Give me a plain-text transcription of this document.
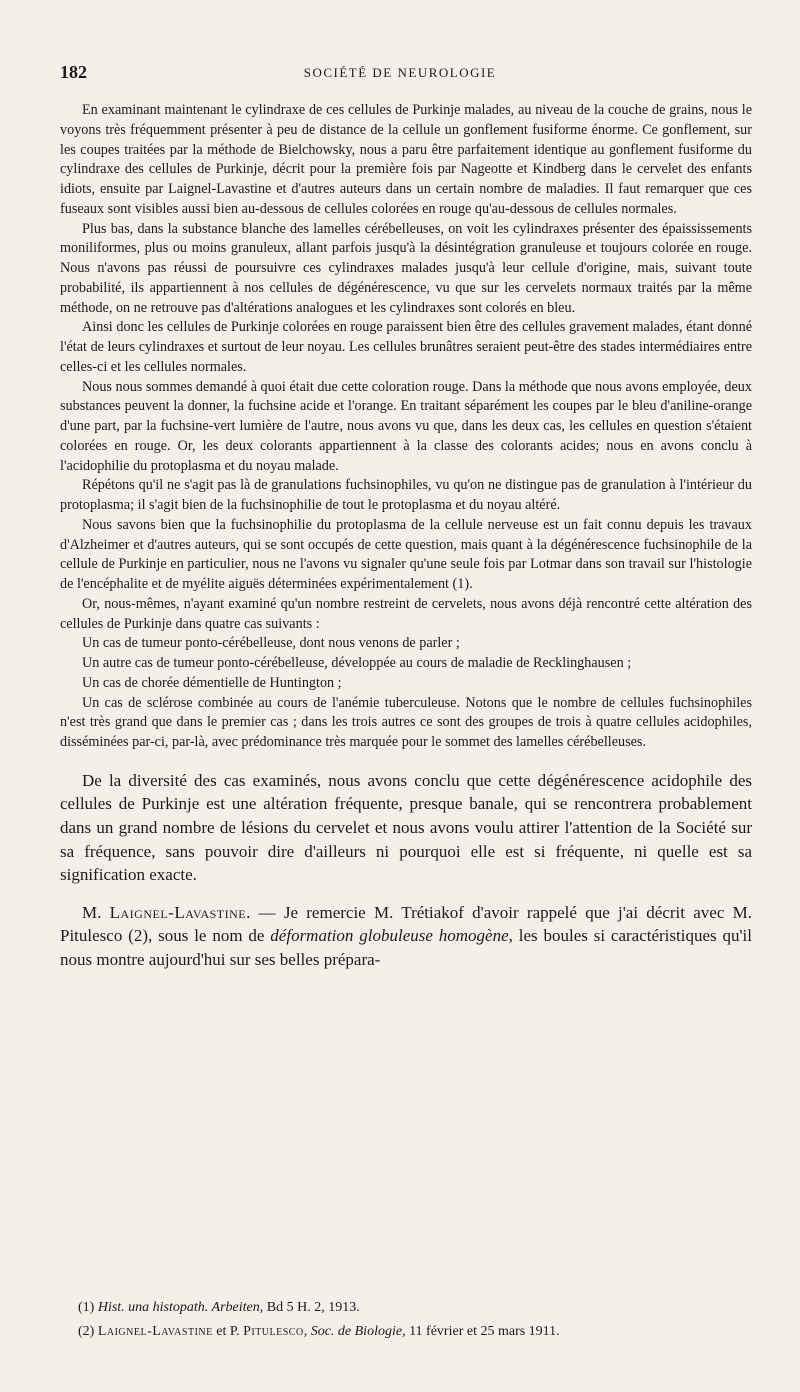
182	SOCIÉTÉ DE NEUROLOGIE

En examinant maintenant le cylindraxe de ces cellules de Purkinje malades, au niveau de la couche de grains, nous le voyons très fréquemment présenter à peu de distance de la cellule un gonflement fusiforme énorme. Ce gonflement, sur les coupes traitées par la méthode de Bielchowsky, nous a paru être parfaitement identique au gonflement fusiforme du cylindraxe des cellules de Purkinje, décrit pour la première fois par Nageotte et Kindberg dans le cervelet des enfants idiots, ensuite par Laignel-Lavastine et d'autres auteurs dans un certain nombre de maladies. Il faut remarquer que ces fuseaux sont visibles aussi bien au-dessous de cellules colorées en rouge qu'au-dessous de cellules normales.

Plus bas, dans la substance blanche des lamelles cérébelleuses, on voit les cylindraxes présenter des épaississements moniliformes, plus ou moins granuleux, allant parfois jusqu'à la désintégration granuleuse et toujours colorée en rouge. Nous n'avons pas réussi de poursuivre ces cylindraxes malades jusqu'à leur cellule d'origine, mais, suivant toute probabilité, ils appartiennent à nos cellules de dégénérescence, vu que sur les cervelets normaux traités par la même méthode, on ne retrouve pas d'altérations analogues et les cylindraxes sont colorés en bleu.

Ainsi donc les cellules de Purkinje colorées en rouge paraissent bien être des cellules gravement malades, étant donné l'état de leurs cylindraxes et surtout de leur noyau. Les cellules brunâtres seraient peut-être des stades intermédiaires entre celles-ci et les cellules normales.

Nous nous sommes demandé à quoi était due cette coloration rouge. Dans la méthode que nous avons employée, deux substances peuvent la donner, la fuchsine acide et l'orange. En traitant séparément les coupes par le bleu d'aniline-orange d'une part, par la fuchsine-vert lumière de l'autre, nous avons vu que, dans les deux cas, les cellules en question s'étaient colorées en rouge. Or, les deux colorants appartiennent à la classe des colorants acides; nous en avons conclu à l'acidophilie du protoplasma et du noyau malade.

Répétons qu'il ne s'agit pas là de granulations fuchsinophiles, vu qu'on ne distingue pas de granulation à l'intérieur du protoplasma; il s'agit bien de la fuchsinophilie de tout le protoplasma et du noyau altéré.

Nous savons bien que la fuchsinophilie du protoplasma de la cellule nerveuse est un fait connu depuis les travaux d'Alzheimer et d'autres auteurs, qui se sont occupés de cette question, mais quant à la dégénérescence fuchsinophile de la cellule de Purkinje en particulier, nous ne l'avons vu signaler qu'une seule fois par Lotmar dans son travail sur l'histologie de l'encéphalite et de myélite aiguës déterminées expérimentalement (1).

Or, nous-mêmes, n'ayant examiné qu'un nombre restreint de cervelets, nous avons déjà rencontré cette altération des cellules de Purkinje dans quatre cas suivants :

Un cas de tumeur ponto-cérébelleuse, dont nous venons de parler ;

Un autre cas de tumeur ponto-cérébelleuse, développée au cours de maladie de Recklinghausen ;

Un cas de chorée démentielle de Huntington ;

Un cas de sclérose combinée au cours de l'anémie tuberculeuse. Notons que le nombre de cellules fuchsinophiles n'est très grand que dans le premier cas ; dans les trois autres ce sont des groupes de trois à quatre cellules acidophiles, disséminées par-ci, par-là, avec prédominance très marquée pour le sommet des lamelles cérébelleuses.

De la diversité des cas examinés, nous avons conclu que cette dégénérescence acidophile des cellules de Purkinje est une altération fréquente, presque banale, qui se rencontrera probablement dans un grand nombre de lésions du cervelet et nous avons voulu attirer l'attention de la Société sur sa fréquence, sans pouvoir dire d'ailleurs ni pourquoi elle est si fréquente, ni quelle est sa signification exacte.

M. Laignel-Lavastine. — Je remercie M. Trétiakof d'avoir rappelé que j'ai décrit avec M. Pitulesco (2), sous le nom de déformation globuleuse homogène, les boules si caractéristiques qu'il nous montre aujourd'hui sur ses belles prépara-

(1) Hist. una histopath. Arbeiten, Bd 5 H. 2, 1913.

(2) Laignel-Lavastine et P. Pitulesco, Soc. de Biologie, 11 février et 25 mars 1911.
